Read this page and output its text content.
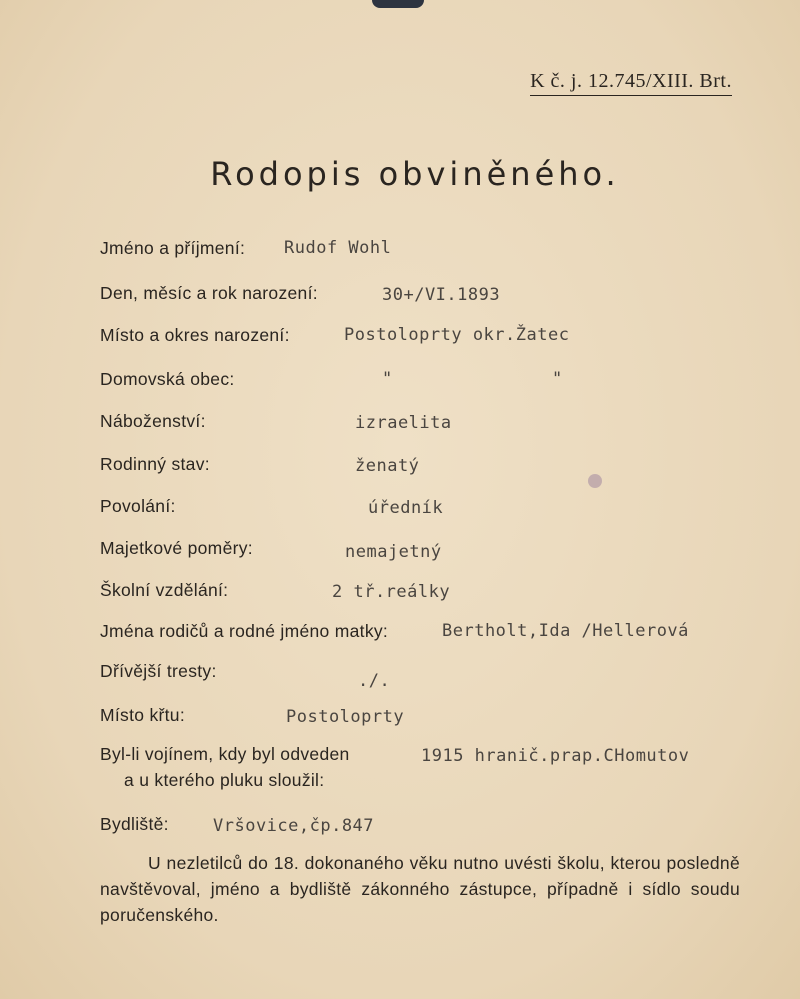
K č. j. 12.745/XIII. Brt.
Rodopis obviněného.
Jméno a příjmení: Rudof Wohl
Den, měsíc a rok narození:	30+/VI.1893
Místo a okres narození:	Postoloprty okr.Žatec
Domovská obec:	"	"
Náboženství:	izraelita
Rodinný stav:	ženatý
Povolání:	úředník
Majetkové poměry:	nemajetný
Školní vzdělání:	2 tř.reálky
Jména rodičů a rodné jméno matky:	Bertholt,Ida /Hellerová
Dřívější tresty:	./.
Místo křtu:	Postoloprty
Byl-li vojínem, kdy byl odveden
a u kterého pluku sloužil:
1915 hranič.prap.CHomutov
Bydliště:	Vršovice,čp.847
U nezletilců do 18. dokonaného věku nutno uvésti školu, kterou posledně navštěvoval, jméno a bydliště zákonného zástupce, případně i sídlo soudu poručenského.
